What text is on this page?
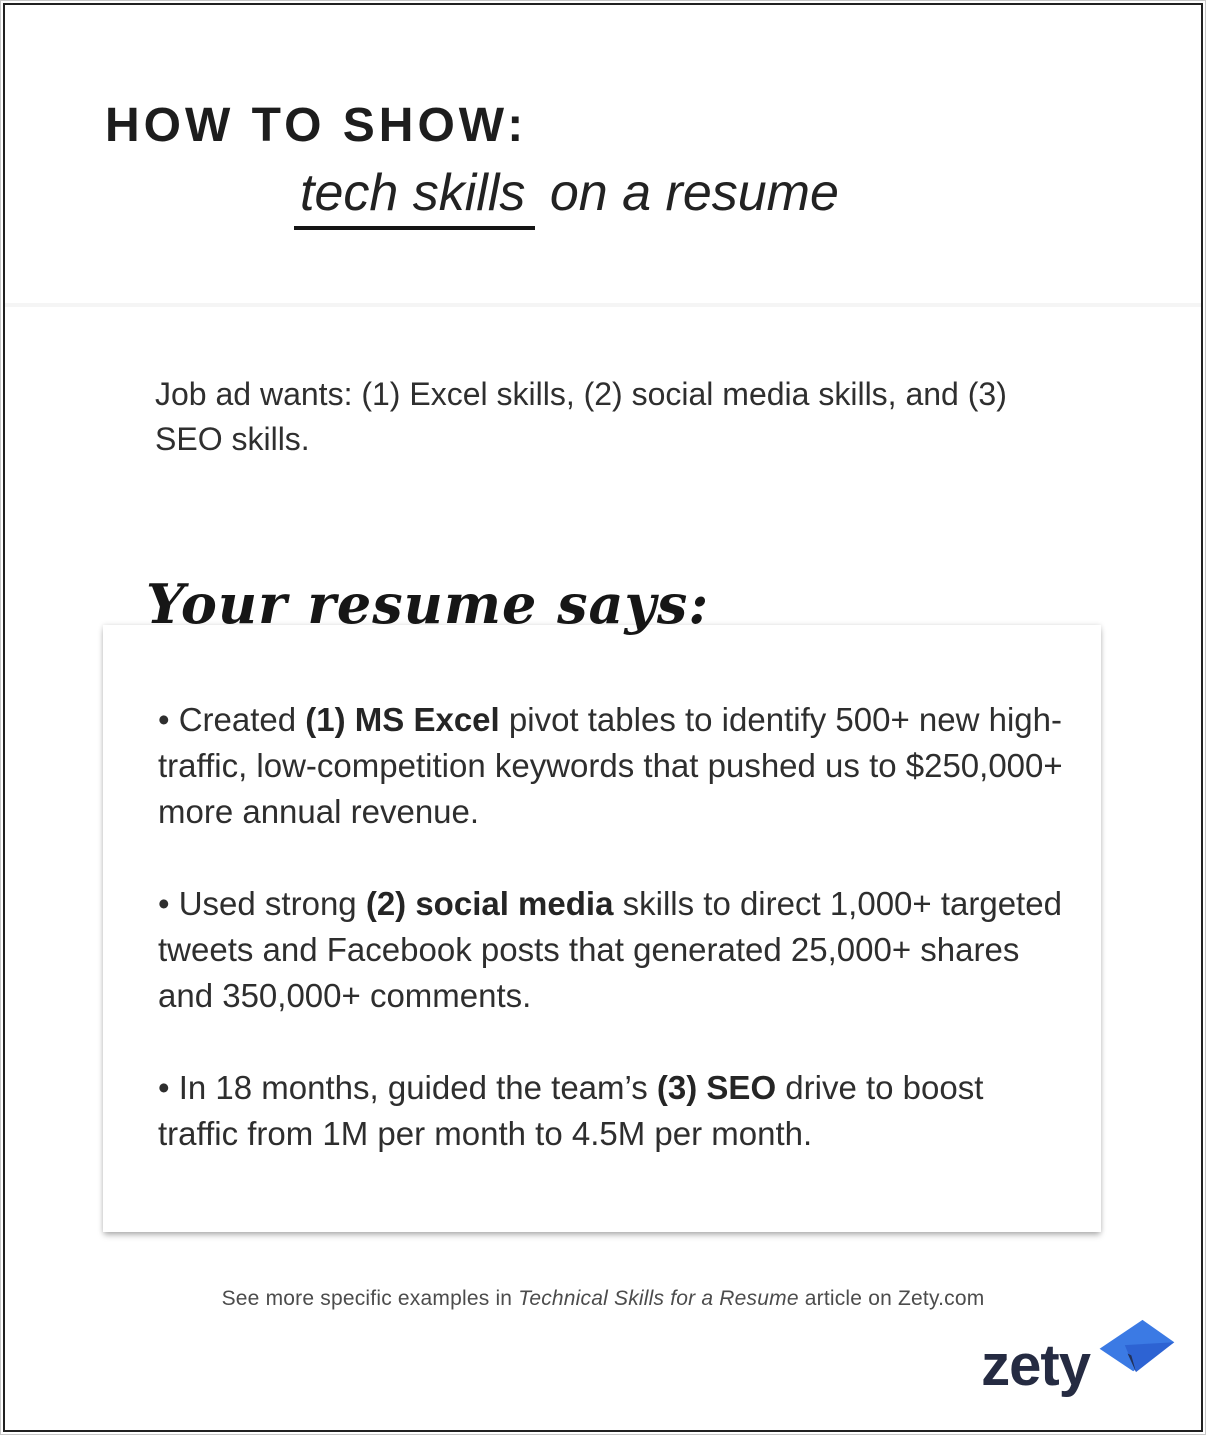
HOW TO SHOW:
tech skills on a resume

Job ad wants: (1) Excel skills, (2) social media skills, and (3) SEO skills.

Your resume says:

• Created (1) MS Excel pivot tables to identify 500+ new high-traffic, low-competition keywords that pushed us to $250,000+ more annual revenue.

• Used strong (2) social media skills to direct 1,000+ targeted tweets and Facebook posts that generated 25,000+ shares and 350,000+ comments.

• In 18 months, guided the team’s (3) SEO drive to boost traffic from 1M per month to 4.5M per month.

See more specific examples in Technical Skills for a Resume article on Zety.com

zety
